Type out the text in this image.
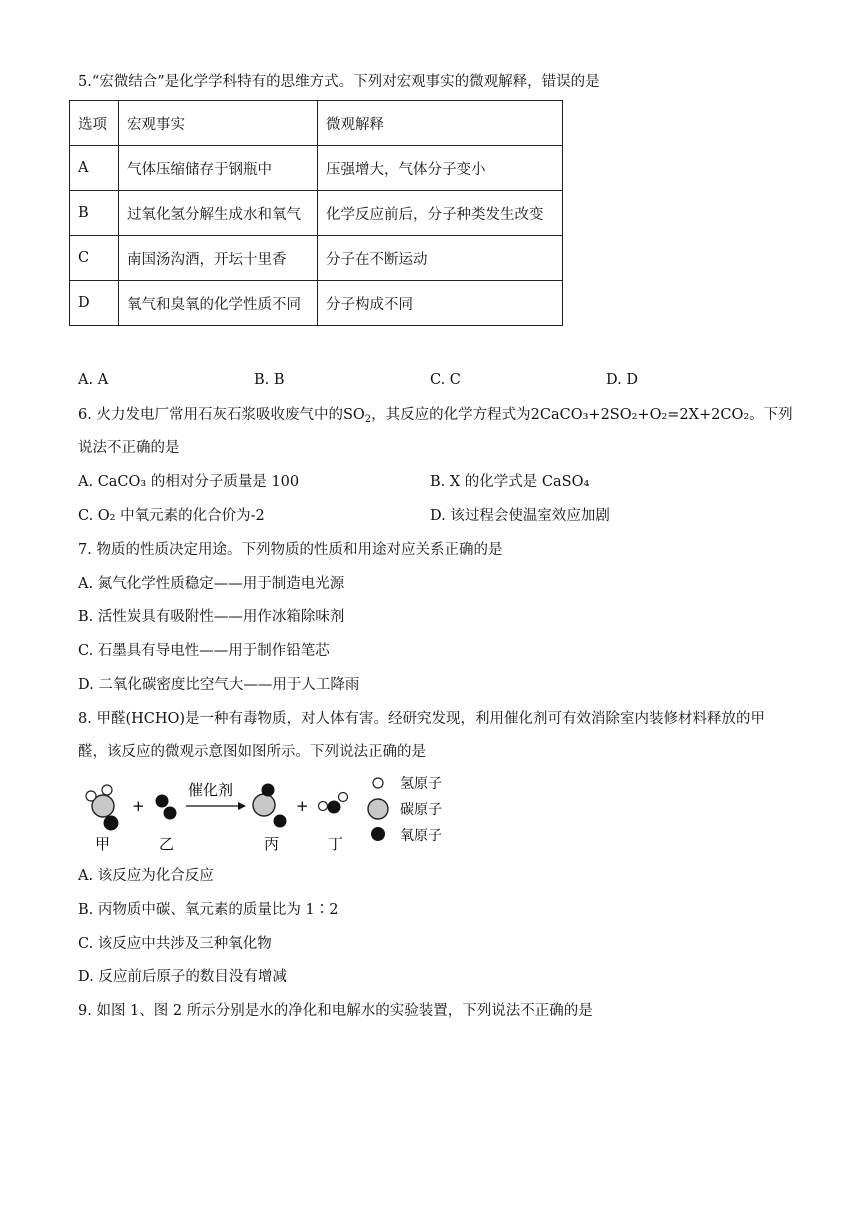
5.“宏微结合”是化学学科特有的思维方式。下列对宏观事实的微观解释，错误的是
选项	宏观事实	微观解释
A	气体压缩储存于钢瓶中	压强增大，气体分子变小
B	过氧化氢分解生成水和氧气	化学反应前后，分子种类发生改变
C	南国汤沟酒，开坛十里香	分子在不断运动
D	氧气和臭氧的化学性质不同	分子构成不同
A. A	B. B	C. C	D. D
6. 火力发电厂常用石灰石浆吸收废气中的$SO_2$，其反应的化学方程式为2CaCO₃+2SO₂+O₂=2X+2CO₂。下列
说法不正确的是
A. CaCO₃ 的相对分子质量是 100	B. X 的化学式是 CaSO₄
C. O₂ 中氧元素的化合价为-2	D. 该过程会使温室效应加剧
7. 物质的性质决定用途。下列物质的性质和用途对应关系正确的是
A. 氮气化学性质稳定——用于制造电光源
B. 活性炭具有吸附性——用作冰箱除味剂
C. 石墨具有导电性——用于制作铅笔芯
D. 二氧化碳密度比空气大——用于人工降雨
8. 甲醛(HCHO)是一种有毒物质，对人体有害。经研究发现，利用催化剂可有效消除室内装修材料释放的甲
醛，该反应的微观示意图如图所示。下列说法正确的是
+
催化剂
+
氢原子
碳原子
氧原子
甲	乙	丙	丁
A. 该反应为化合反应
B. 丙物质中碳、氧元素的质量比为 1∶2
C. 该反应中共涉及三种氧化物
D. 反应前后原子的数目没有增减
9. 如图 1、图 2 所示分别是水的净化和电解水的实验装置，下列说法不正确的是
